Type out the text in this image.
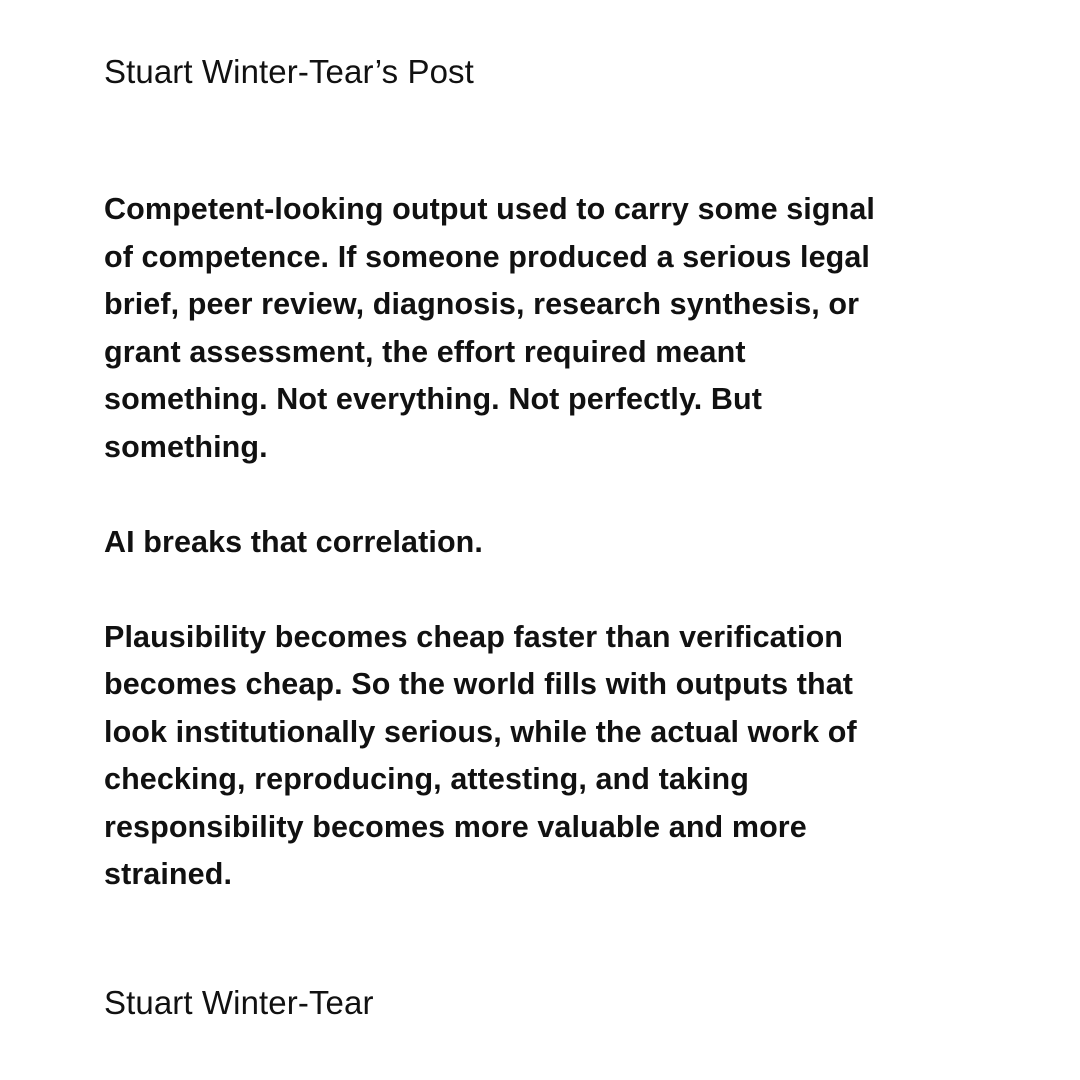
Stuart Winter-Tear’s Post

Competent-looking output used to carry some signal of competence. If someone produced a serious legal brief, peer review, diagnosis, research synthesis, or grant assessment, the effort required meant something. Not everything. Not perfectly. But something.

AI breaks that correlation.

Plausibility becomes cheap faster than verification becomes cheap. So the world fills with outputs that look institutionally serious, while the actual work of checking, reproducing, attesting, and taking responsibility becomes more valuable and more strained.

Stuart Winter-Tear
